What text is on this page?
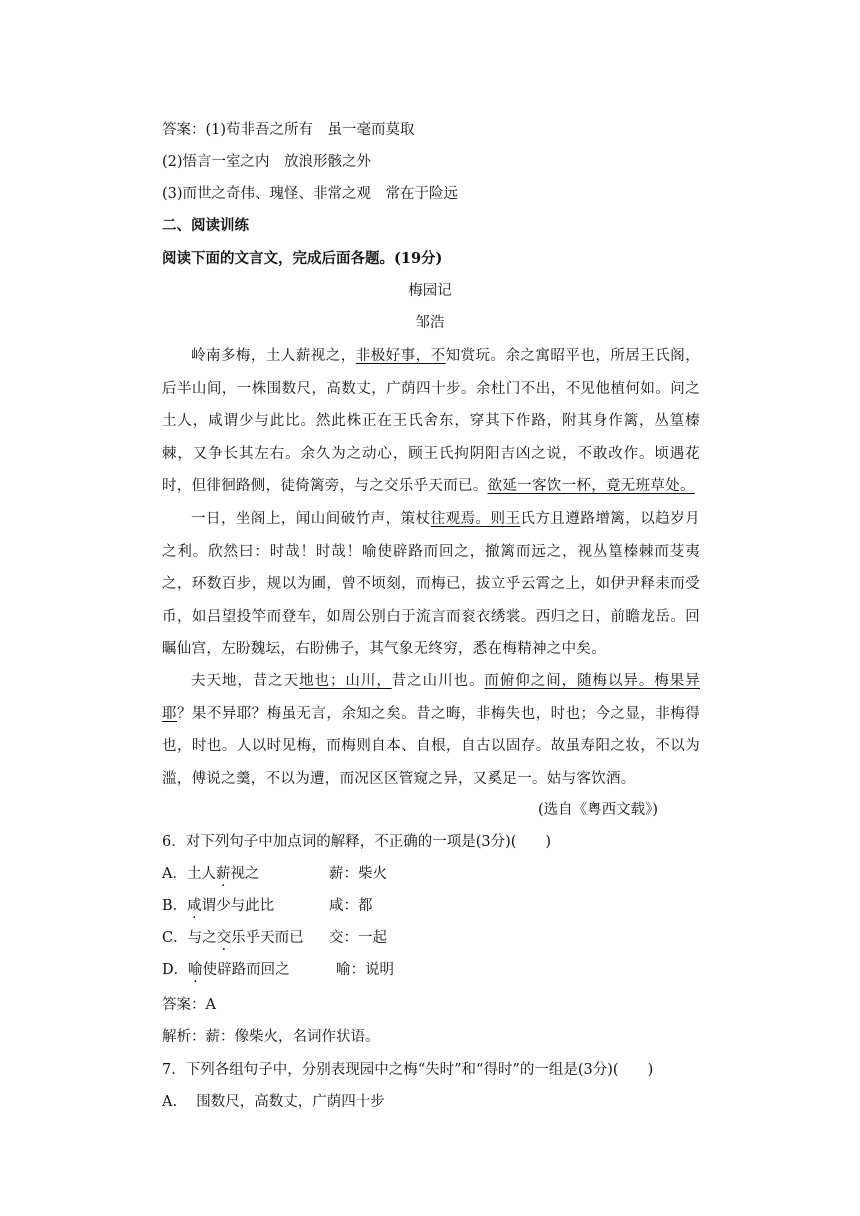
答案：(1)苟非吾之所有　虽一毫而莫取
(2)悟言一室之内　放浪形骸之外
(3)而世之奇伟、瑰怪、非常之观　常在于险远
二、阅读训练
阅读下面的文言文，完成后面各题。(19分)
梅园记
邹浩
岭南多梅，土人薪视之，非极好事，不知赏玩。余之寓昭平也，所居王氏阁，后半山间，一株围数尺，高数丈，广荫四十步。余杜门不出，不见他植何如。问之土人，咸谓少与此比。然此株正在王氏舍东，穿其下作路，附其身作篱，丛篁榛棘，又争长其左右。余久为之动心，顾王氏拘阴阳吉凶之说，不敢改作。顷遇花时，但徘徊路侧，徒倚篱旁，与之交乐乎天而已。欲延一客饮一杯，竟无班草处。
一日，坐阁上，闻山间破竹声，策杖往观焉。则王氏方且遵路增篱，以趋岁月之利。欣然曰：时哉！时哉！喻使辟路而回之，撤篱而远之，视丛篁榛棘而芟夷之，环数百步，规以为圃，曾不顷刻，而梅已，拔立乎云霄之上，如伊尹释耒而受币，如吕望投竿而登车，如周公别白于流言而衮衣绣裳。西归之日，前瞻龙岳。回瞩仙宫，左盼魏坛，右盼佛子，其气象无终穷，悉在梅精神之中矣。
夫天地，昔之天地也；山川，昔之山川也。而俯仰之间，随梅以异。梅果异耶？果不异耶？梅虽无言，余知之矣。昔之晦，非梅失也，时也；今之显，非梅得也，时也。人以时见梅，而梅则自本、自根，自古以固存。故虽寿阳之妆，不以为滥，傅说之羹，不以为遭，而况区区管窥之异，又奚足一。姑与客饮酒。
(选自《粤西文载》)
6．对下列句子中加点词的解释，不正确的一项是(3分)(　　)
A．土人薪视之	薪：柴火
B．咸谓少与此比	咸：都
C．与之交乐乎天而已 交：一起
D．喻使辟路而回之	喻：说明
答案：A
解析：薪：像柴火，名词作状语。
7．下列各组句子中，分别表现园中之梅“失时”和“得时”的一组是(3分)(　　)
A.　 围数尺，高数丈，广荫四十步
